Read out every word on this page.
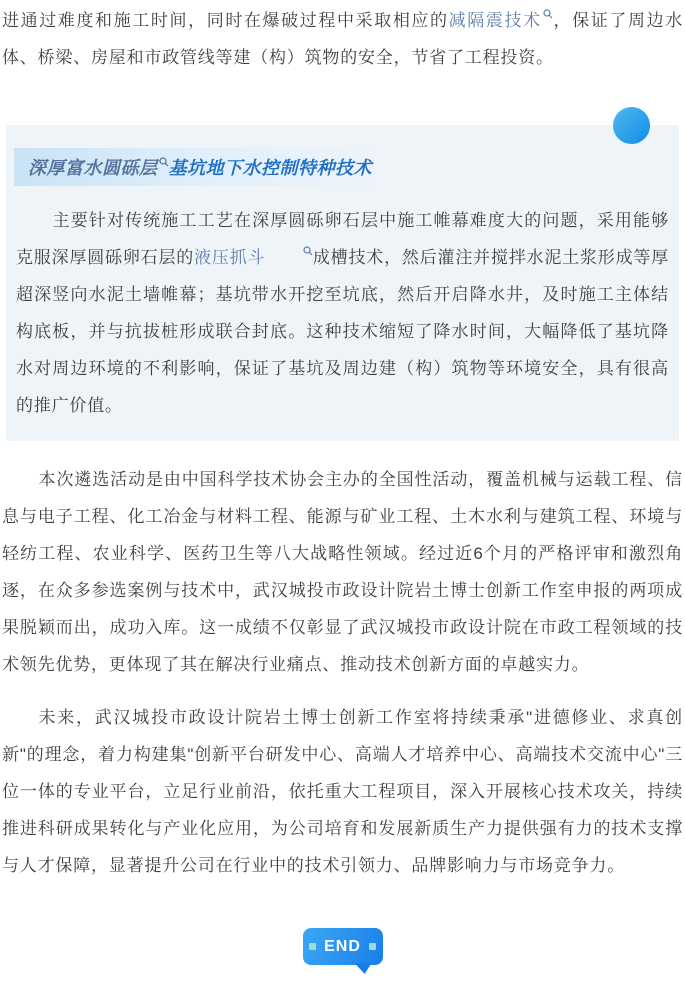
进通过难度和施工时间，同时在爆破过程中采取相应的减隔震技术 ，保证了周边水体、桥梁、房屋和市政管线等建（构）筑物的安全，节省了工程投资。

深厚富水圆砾层 基坑地下水控制特种技术

主要针对传统施工工艺在深厚圆砾卵石层中施工帷幕难度大的问题，采用能够克服深厚圆砾卵石层的液压抓斗	成槽技术，然后灌注并搅拌水泥土浆形成等厚超深竖向水泥土墙帷幕；基坑带水开挖至坑底，然后开启降水井，及时施工主体结构底板，并与抗拔桩形成联合封底。这种技术缩短了降水时间，大幅降低了基坑降水对周边环境的不利影响，保证了基坑及周边建（构）筑物等环境安全，具有很高的推广价值。

本次遴选活动是由中国科学技术协会主办的全国性活动，覆盖机械与运载工程、信息与电子工程、化工冶金与材料工程、能源与矿业工程、土木水利与建筑工程、环境与轻纺工程、农业科学、医药卫生等八大战略性领域。经过近6个月的严格评审和激烈角逐，在众多参选案例与技术中，武汉城投市政设计院岩土博士创新工作室申报的两项成果脱颖而出，成功入库。这一成绩不仅彰显了武汉城投市政设计院在市政工程领域的技术领先优势，更体现了其在解决行业痛点、推动技术创新方面的卓越实力。

未来，武汉城投市政设计院岩土博士创新工作室将持续秉承"进德修业、求真创新"的理念，着力构建集"创新平台研发中心、高端人才培养中心、高端技术交流中心"三位一体的专业平台，立足行业前沿，依托重大工程项目，深入开展核心技术攻关，持续推进科研成果转化与产业化应用，为公司培育和发展新质生产力提供强有力的技术支撑与人才保障，显著提升公司在行业中的技术引领力、品牌影响力与市场竞争力。

END
